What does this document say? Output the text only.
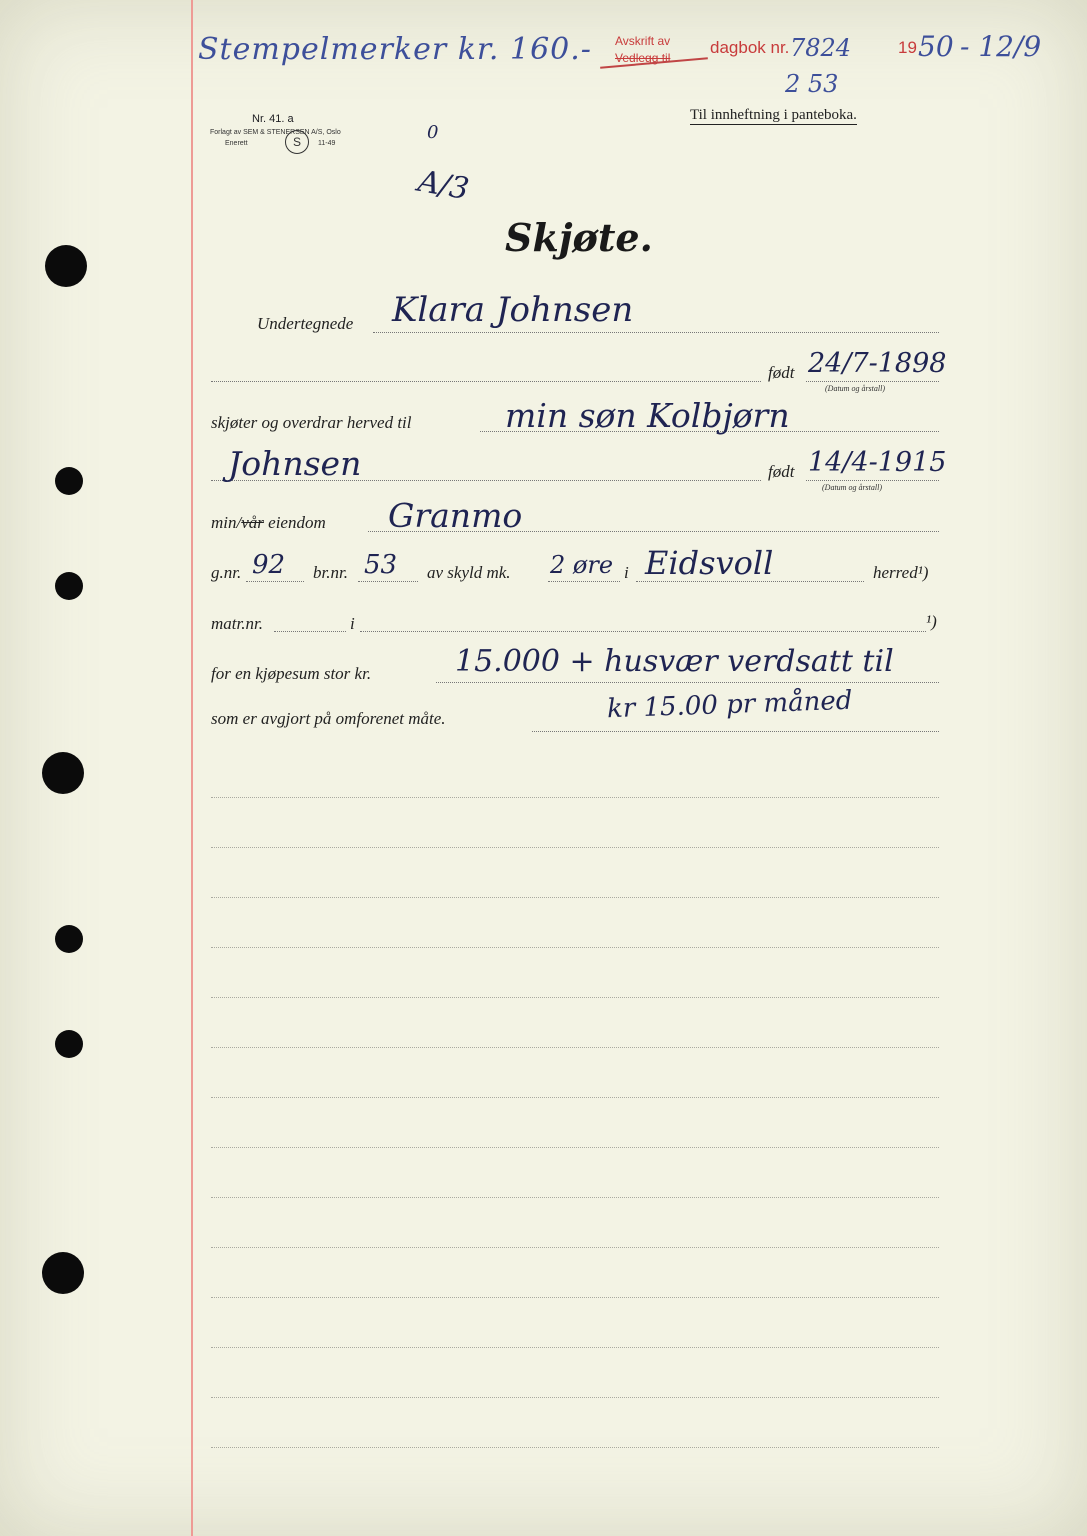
Stempelmerker kr. 160.- Avskrift av
Vedlegg til
dagbok nr. 7824	19 50 - 12/9
2 53
Nr. 41. a
Forlagt av SEM & STENERSEN A/S, Oslo
Enerett	S	11-49
Til innheftning i panteboka.
0
A/3
Skjøte.
Undertegnede Klara Johnsen
født 24/7-1898
(Datum og årstall)
skjøter og overdrar herved til	min søn Kolbjørn
Johnsen	født 14/4-1915
(Datum og årstall)
min/vår eiendom Granmo
g.nr. 92 br.nr. 53 av skyld mk. 2 øre i Eidsvoll	herred¹)
matr.nr.	i	¹)
for en kjøpesum stor kr.	15.000 + husvær verdsatt til
som er avgjort på omforenet måte.	kr 15.00 pr måned
